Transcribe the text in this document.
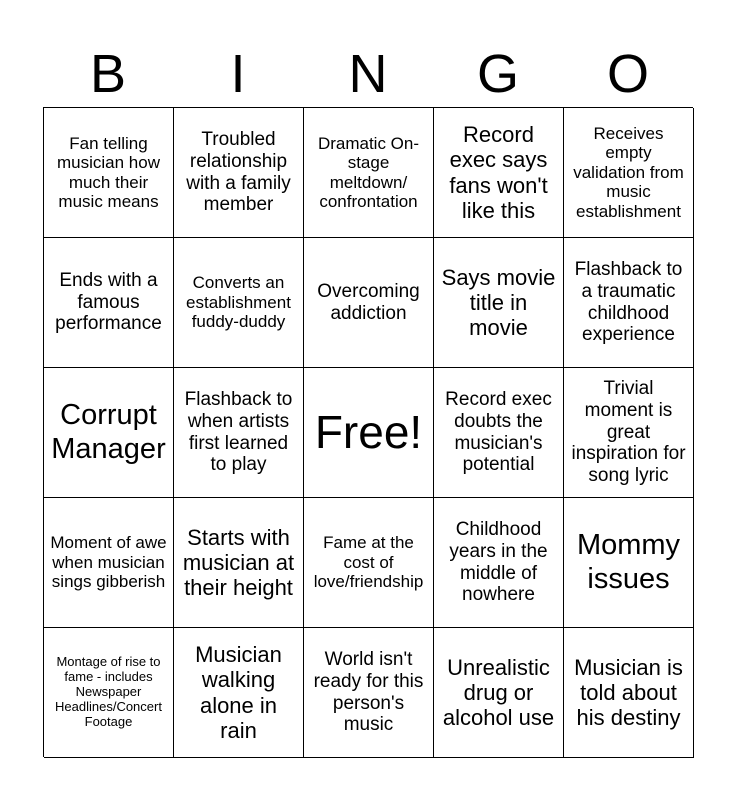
B	I	N	G	O
Fan telling musician how much their music means
Troubled relationship with a family member
Dramatic On-stage meltdown/ confrontation
Record exec says fans won't like this
Receives empty validation from music establishment
Ends with a famous performance
Converts an establishment fuddy-duddy
Overcoming addiction
Says movie title in movie
Flashback to a traumatic childhood experience
Corrupt Manager
Flashback to when artists first learned to play
Free!
Record exec doubts the musician's potential
Trivial moment is great inspiration for song lyric
Moment of awe when musician sings gibberish
Starts with musician at their height
Fame at the cost of love/friendship
Childhood years in the middle of nowhere
Mommy issues
Montage of rise to fame - includes Newspaper Headlines/Concert Footage
Musician walking alone in rain
World isn't ready for this person's music
Unrealistic drug or alcohol use
Musician is told about his destiny
